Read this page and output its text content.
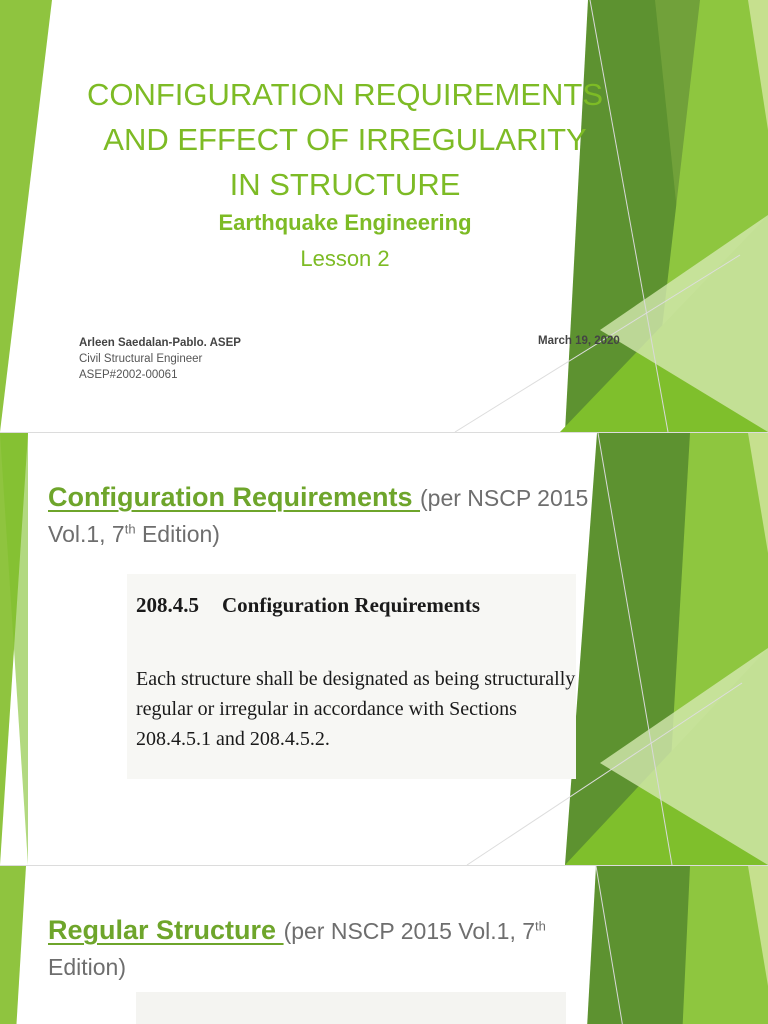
CONFIGURATION REQUIREMENTS
AND EFFECT OF IRREGULARITY
IN STRUCTURE

Earthquake Engineering

Lesson 2

Arleen Saedalan-Pablo. ASEP
Civil Structural Engineer
ASEP#2002-00061
March 19, 2020
Configuration Requirements (per NSCP 2015 Vol.1, 7th Edition)

208.4.5 Configuration Requirements

Each structure shall be designated as being structurally regular or irregular in accordance with Sections 208.4.5.1 and 208.4.5.2.

Regular Structure (per NSCP 2015 Vol.1, 7th Edition)
